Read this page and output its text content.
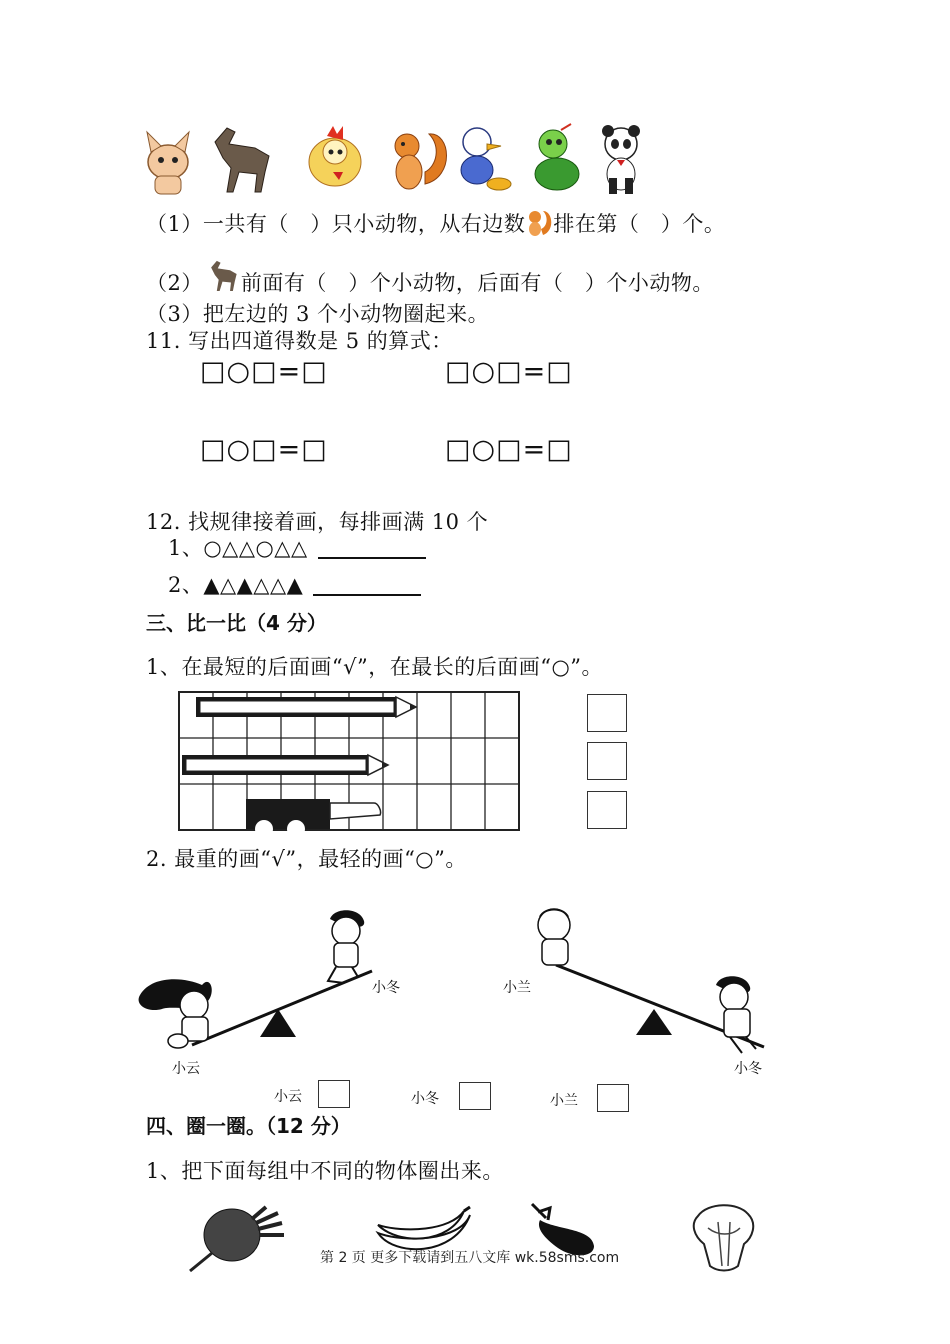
（1）一共有（　）只小动物，从右边数 排在第（　）个。
（2） 前面有（　）个小动物，后面有（　）个小动物。
（3）把左边的 3 个小动物圈起来。
11. 写出四道得数是 5 的算式：
□○□=□	□○□=□
□○□=□	□○□=□
12. 找规律接着画，每排画满 10 个
1、○△△○△△
2、▲△▲△△▲
三、比一比（4 分）
1、在最短的后面画“√”，在最长的后面画“○”。
2. 最重的画“√”，最轻的画“○”。
小冬
小云
小兰
小冬
小云	小冬	小兰
四、圈一圈。（12 分）
1、把下面每组中不同的物体圈出来。
第 2 页 更多下载请到五八文库 wk.58sms.com
